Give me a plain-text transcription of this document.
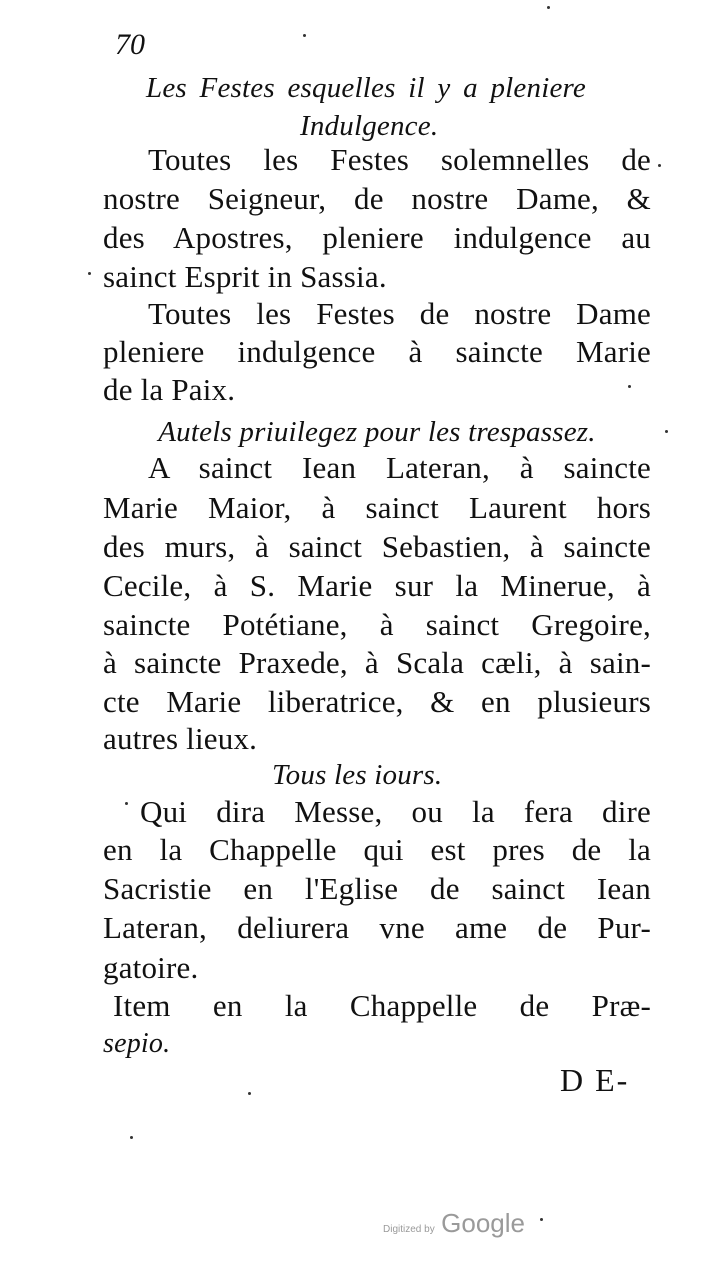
70
Les Festes esquelles il y a pleniere
Indulgence.
Toutes les Festes solemnelles de
nostre Seigneur, de nostre Dame, &
des Apostres, pleniere indulgence au
sainct Esprit in Sassia.
Toutes les Festes de nostre Dame
pleniere indulgence à saincte Marie
de la Paix.
Autels priuilegez pour les trespassez.
A sainct Iean Lateran, à saincte
Marie Maior, à sainct Laurent hors
des murs, à sainct Sebastien, à saincte
Cecile, à S. Marie sur la Minerue, à
saincte Potétiane, à sainct Gregoire,
à saincte Praxede, à Scala cæli, à sain-
cte Marie liberatrice, & en plusieurs
autres lieux.
Tous les iours.
Qui dira Messe, ou la fera dire
en la Chappelle qui est pres de la
Sacristie en l'Eglise de sainct Iean
Lateran, deliurera vne ame de Pur-
gatoire.
Item en la Chappelle de Præ-
sepio.
D E-
Digitized by Google
